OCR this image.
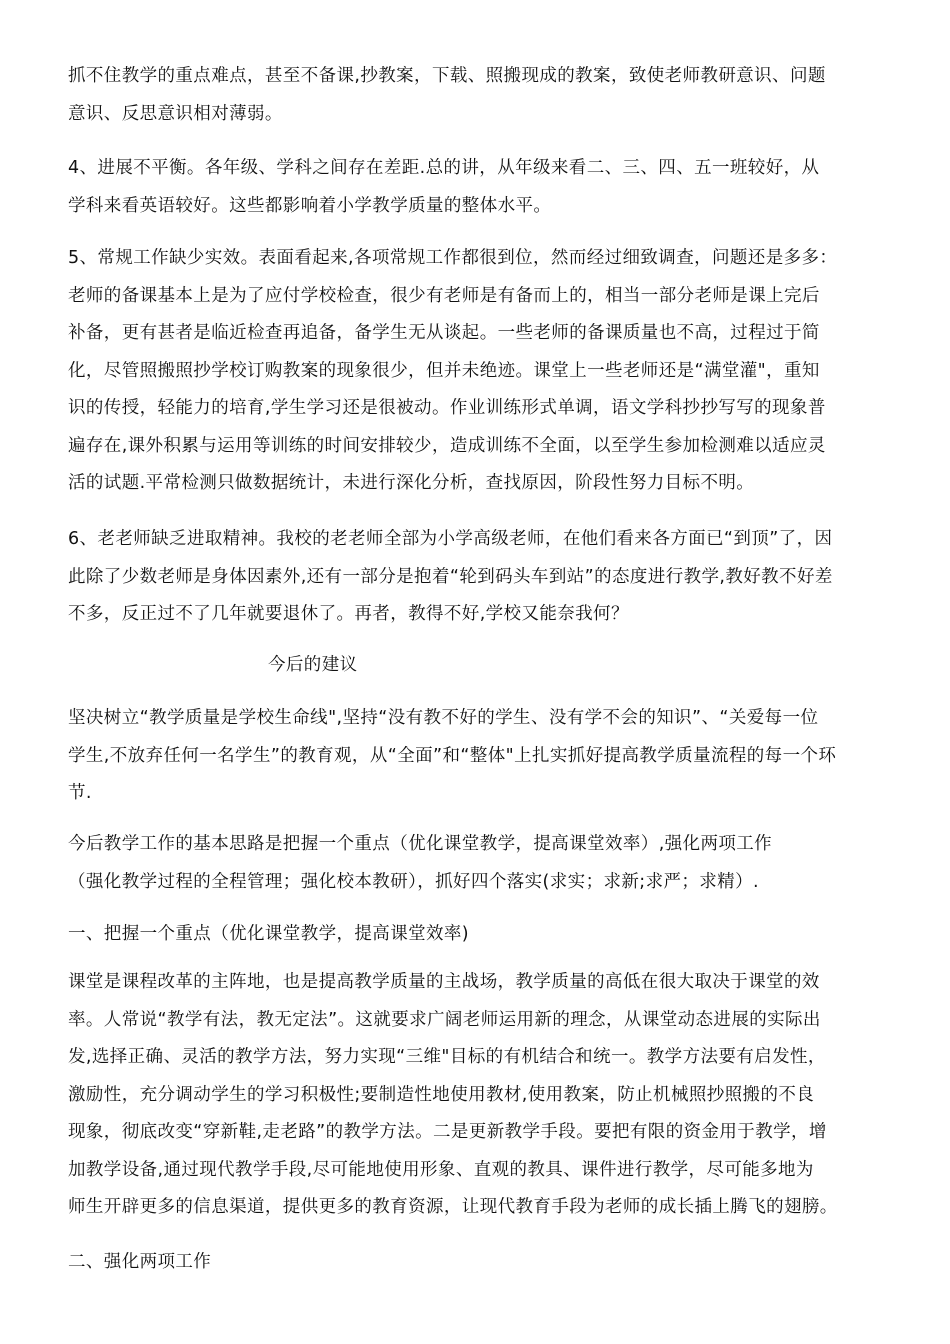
抓不住教学的重点难点，甚至不备课,抄教案，下载、照搬现成的教案，致使老师教研意识、问题
意识、反思意识相对薄弱。

4、进展不平衡。各年级、学科之间存在差距.总的讲，从年级来看二、三、四、五一班较好，从
学科来看英语较好。这些都影响着小学教学质量的整体水平。

5、常规工作缺少实效。表面看起来,各项常规工作都很到位，然而经过细致调查，问题还是多多：
老师的备课基本上是为了应付学校检查，很少有老师是有备而上的，相当一部分老师是课上完后
补备，更有甚者是临近检查再追备，备学生无从谈起。一些老师的备课质量也不高，过程过于简
化，尽管照搬照抄学校订购教案的现象很少，但并未绝迹。课堂上一些老师还是“满堂灌"，重知
识的传授，轻能力的培育,学生学习还是很被动。作业训练形式单调，语文学科抄抄写写的现象普
遍存在,课外积累与运用等训练的时间安排较少，造成训练不全面，以至学生参加检测难以适应灵
活的试题.平常检测只做数据统计，未进行深化分析，查找原因，阶段性努力目标不明。

6、老老师缺乏进取精神。我校的老老师全部为小学高级老师，在他们看来各方面已“到顶”了，因
此除了少数老师是身体因素外,还有一部分是抱着“轮到码头车到站”的态度进行教学,教好教不好差
不多，反正过不了几年就要退休了。再者，教得不好,学校又能奈我何？

今后的建议

坚决树立“教学质量是学校生命线",坚持“没有教不好的学生、没有学不会的知识”、“关爱每一位
学生,不放弃任何一名学生”的教育观，从“全面”和“整体"上扎实抓好提高教学质量流程的每一个环
节.

今后教学工作的基本思路是把握一个重点（优化课堂教学，提高课堂效率）,强化两项工作
（强化教学过程的全程管理；强化校本教研），抓好四个落实(求实；求新;求严；求精）.

一、把握一个重点（优化课堂教学，提高课堂效率)

课堂是课程改革的主阵地，也是提高教学质量的主战场，教学质量的高低在很大取决于课堂的效
率。人常说“教学有法，教无定法”。这就要求广阔老师运用新的理念，从课堂动态进展的实际出
发,选择正确、灵活的教学方法，努力实现“三维"目标的有机结合和统一。教学方法要有启发性，
激励性，充分调动学生的学习积极性;要制造性地使用教材,使用教案，防止机械照抄照搬的不良
现象，彻底改变“穿新鞋,走老路”的教学方法。二是更新教学手段。要把有限的资金用于教学，增
加教学设备,通过现代教学手段,尽可能地使用形象、直观的教具、课件进行教学，尽可能多地为
师生开辟更多的信息渠道，提供更多的教育资源，让现代教育手段为老师的成长插上腾飞的翅膀。

二、强化两项工作
